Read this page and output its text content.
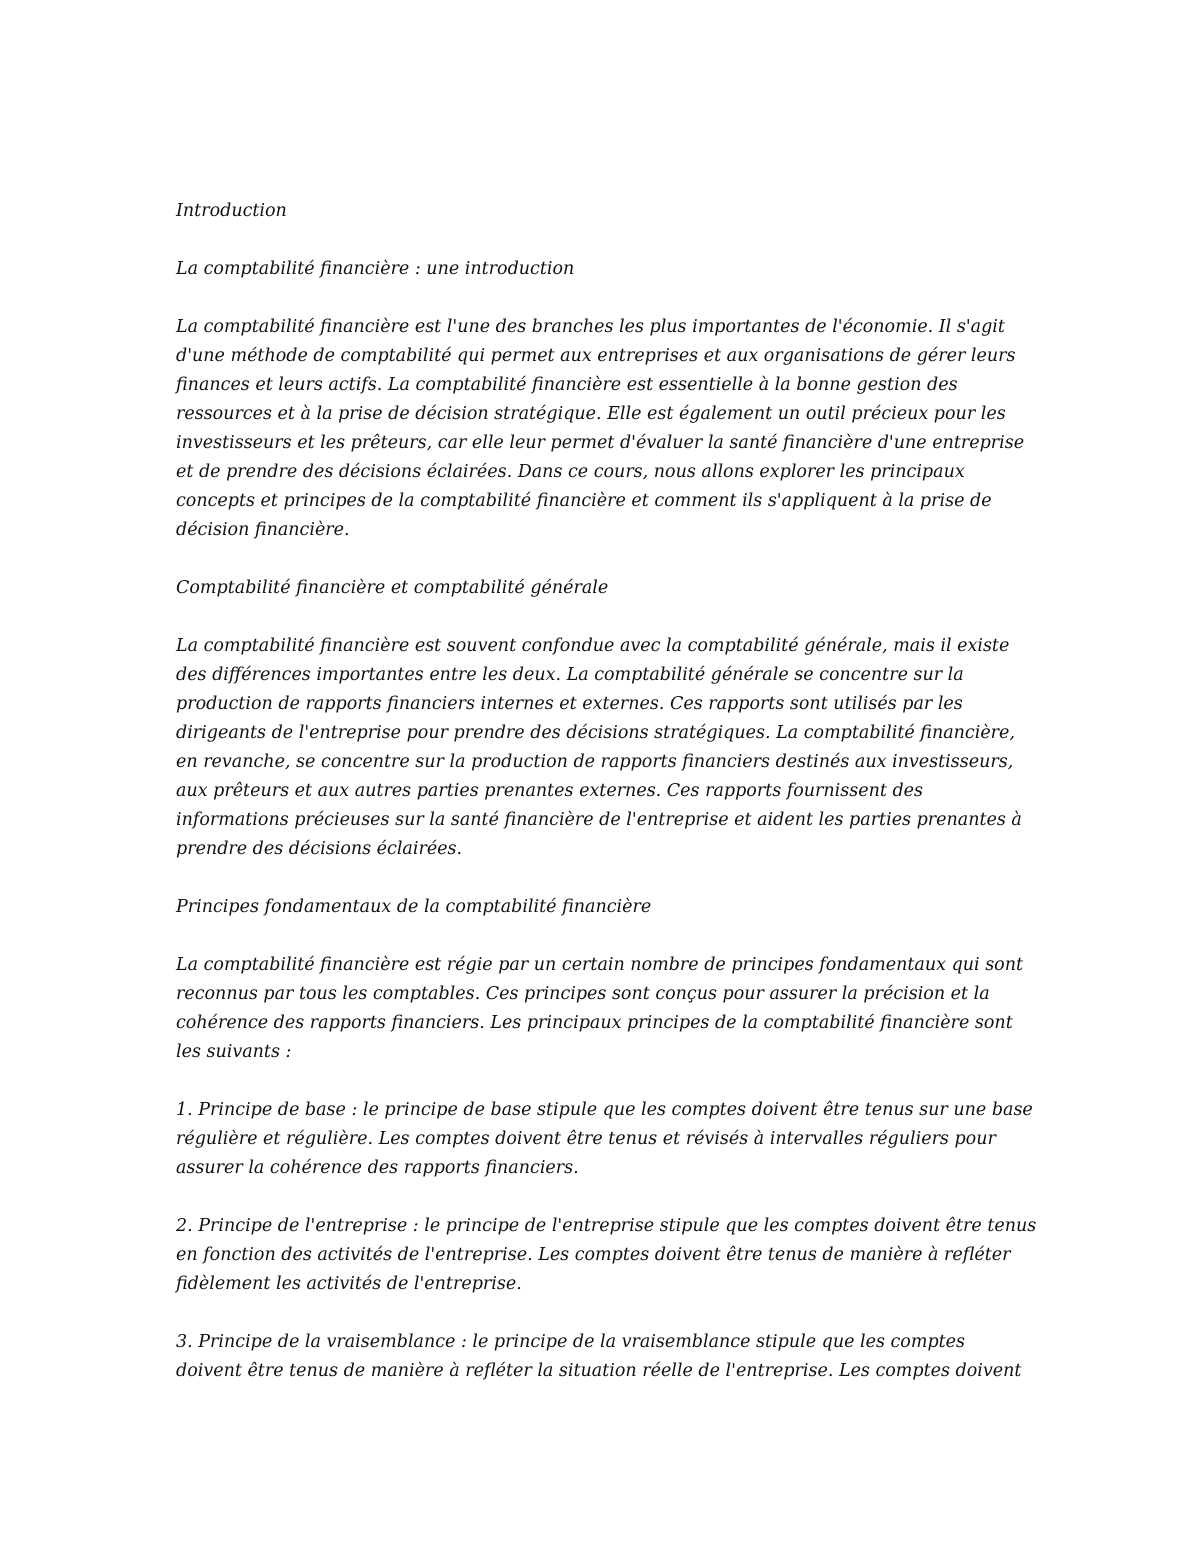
Introduction

La comptabilité financière : une introduction

La comptabilité financière est l'une des branches les plus importantes de l'économie. Il s'agit
d'une méthode de comptabilité qui permet aux entreprises et aux organisations de gérer leurs
finances et leurs actifs. La comptabilité financière est essentielle à la bonne gestion des
ressources et à la prise de décision stratégique. Elle est également un outil précieux pour les
investisseurs et les prêteurs, car elle leur permet d'évaluer la santé financière d'une entreprise
et de prendre des décisions éclairées. Dans ce cours, nous allons explorer les principaux
concepts et principes de la comptabilité financière et comment ils s'appliquent à la prise de
décision financière.

Comptabilité financière et comptabilité générale

La comptabilité financière est souvent confondue avec la comptabilité générale, mais il existe
des différences importantes entre les deux. La comptabilité générale se concentre sur la
production de rapports financiers internes et externes. Ces rapports sont utilisés par les
dirigeants de l'entreprise pour prendre des décisions stratégiques. La comptabilité financière,
en revanche, se concentre sur la production de rapports financiers destinés aux investisseurs,
aux prêteurs et aux autres parties prenantes externes. Ces rapports fournissent des
informations précieuses sur la santé financière de l'entreprise et aident les parties prenantes à
prendre des décisions éclairées.

Principes fondamentaux de la comptabilité financière

La comptabilité financière est régie par un certain nombre de principes fondamentaux qui sont
reconnus par tous les comptables. Ces principes sont conçus pour assurer la précision et la
cohérence des rapports financiers. Les principaux principes de la comptabilité financière sont
les suivants :

1. Principe de base : le principe de base stipule que les comptes doivent être tenus sur une base
régulière et régulière. Les comptes doivent être tenus et révisés à intervalles réguliers pour
assurer la cohérence des rapports financiers.

2. Principe de l'entreprise : le principe de l'entreprise stipule que les comptes doivent être tenus
en fonction des activités de l'entreprise. Les comptes doivent être tenus de manière à refléter
fidèlement les activités de l'entreprise.

3. Principe de la vraisemblance : le principe de la vraisemblance stipule que les comptes
doivent être tenus de manière à refléter la situation réelle de l'entreprise. Les comptes doivent
